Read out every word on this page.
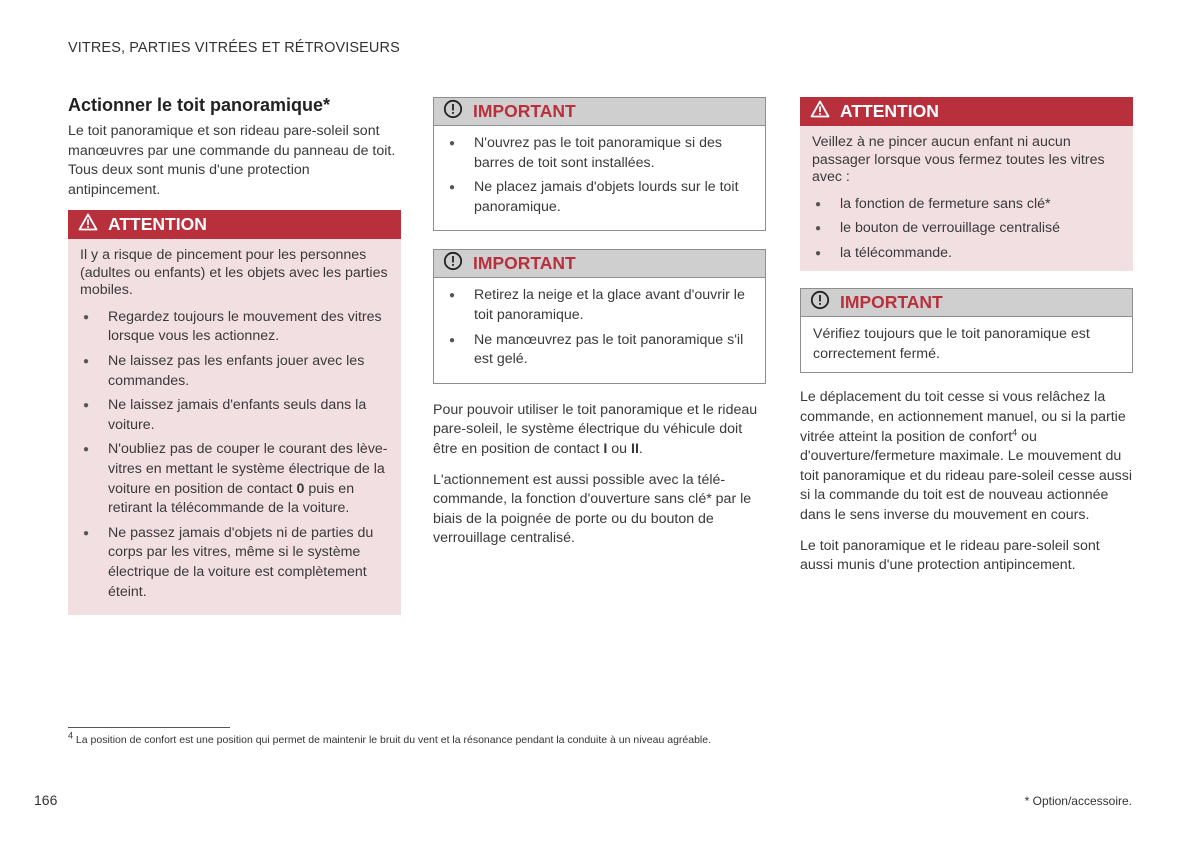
VITRES, PARTIES VITRÉES ET RÉTROVISEURS
Actionner le toit panoramique*

Le toit panoramique et son rideau pare-soleil sont manœuvres par une commande du panneau de toit. Tous deux sont munis d'une protection antipincement.

ATTENTION
Il y a risque de pincement pour les personnes (adultes ou enfants) et les objets avec les parties mobiles.
● Regardez toujours le mouvement des vitres lorsque vous les actionnez.
● Ne laissez pas les enfants jouer avec les commandes.
● Ne laissez jamais d'enfants seuls dans la voiture.
● N'oubliez pas de couper le courant des lève-vitres en mettant le système électrique de la voiture en position de contact 0 puis en retirant la télécommande de la voiture.
● Ne passez jamais d'objets ni de parties du corps par les vitres, même si le système électrique de la voiture est complètement éteint.
IMPORTANT
● N'ouvrez pas le toit panoramique si des barres de toit sont installées.
● Ne placez jamais d'objets lourds sur le toit panoramique.
IMPORTANT
● Retirez la neige et la glace avant d'ouvrir le toit panoramique.
● Ne manœuvrez pas le toit panoramique s'il est gelé.

Pour pouvoir utiliser le toit panoramique et le rideau pare-soleil, le système électrique du véhicule doit être en position de contact I ou II.

L'actionnement est aussi possible avec la télécommande, la fonction d'ouverture sans clé* par le biais de la poignée de porte ou du bouton de verrouillage centralisé.

ATTENTION
Veillez à ne pincer aucun enfant ni aucun passager lorsque vous fermez toutes les vitres avec :
● la fonction de fermeture sans clé*
● le bouton de verrouillage centralisé
● la télécommande.
IMPORTANT
Vérifiez toujours que le toit panoramique est correctement fermé.

Le déplacement du toit cesse si vous relâchez la commande, en actionnement manuel, ou si la partie vitrée atteint la position de confort$^4$ ou d'ouverture/fermeture maximale. Le mouvement du toit panoramique et du rideau pare-soleil cesse aussi si la commande du toit est de nouveau actionnée dans le sens inverse du mouvement en cours.

Le toit panoramique et le rideau pare-soleil sont aussi munis d'une protection antipincement.

$^4$ La position de confort est une position qui permet de maintenir le bruit du vent et la résonance pendant la conduite à un niveau agréable.
166	* Option/accessoire.
